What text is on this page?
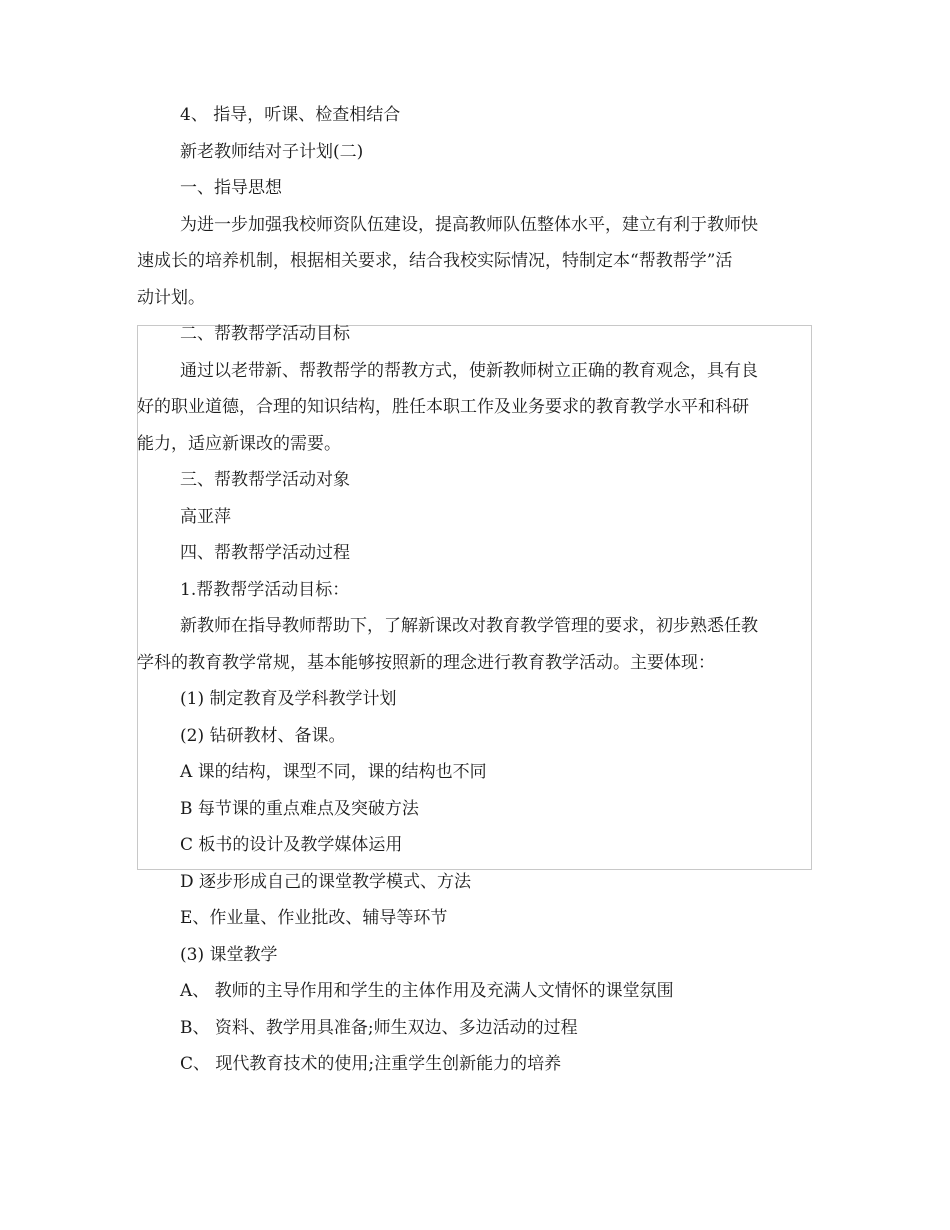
4、 指导，听课、检查相结合
新老教师结对子计划(二)
一、指导思想
为进一步加强我校师资队伍建设，提高教师队伍整体水平，建立有利于教师快
速成长的培养机制，根据相关要求，结合我校实际情况，特制定本“帮教帮学”活
动计划。
二、帮教帮学活动目标
通过以老带新、帮教帮学的帮教方式，使新教师树立正确的教育观念，具有良
好的职业道德，合理的知识结构，胜任本职工作及业务要求的教育教学水平和科研
能力，适应新课改的需要。
三、帮教帮学活动对象
高亚萍
四、帮教帮学活动过程
1.帮教帮学活动目标：
新教师在指导教师帮助下，了解新课改对教育教学管理的要求，初步熟悉任教
学科的教育教学常规，基本能够按照新的理念进行教育教学活动。主要体现：
(1) 制定教育及学科教学计划
(2) 钻研教材、备课。
A 课的结构，课型不同，课的结构也不同
B 每节课的重点难点及突破方法
C 板书的设计及教学媒体运用
D 逐步形成自己的课堂教学模式、方法
E、作业量、作业批改、辅导等环节
(3) 课堂教学
A、 教师的主导作用和学生的主体作用及充满人文情怀的课堂氛围
B、 资料、教学用具准备;师生双边、多边活动的过程
C、 现代教育技术的使用;注重学生创新能力的培养
